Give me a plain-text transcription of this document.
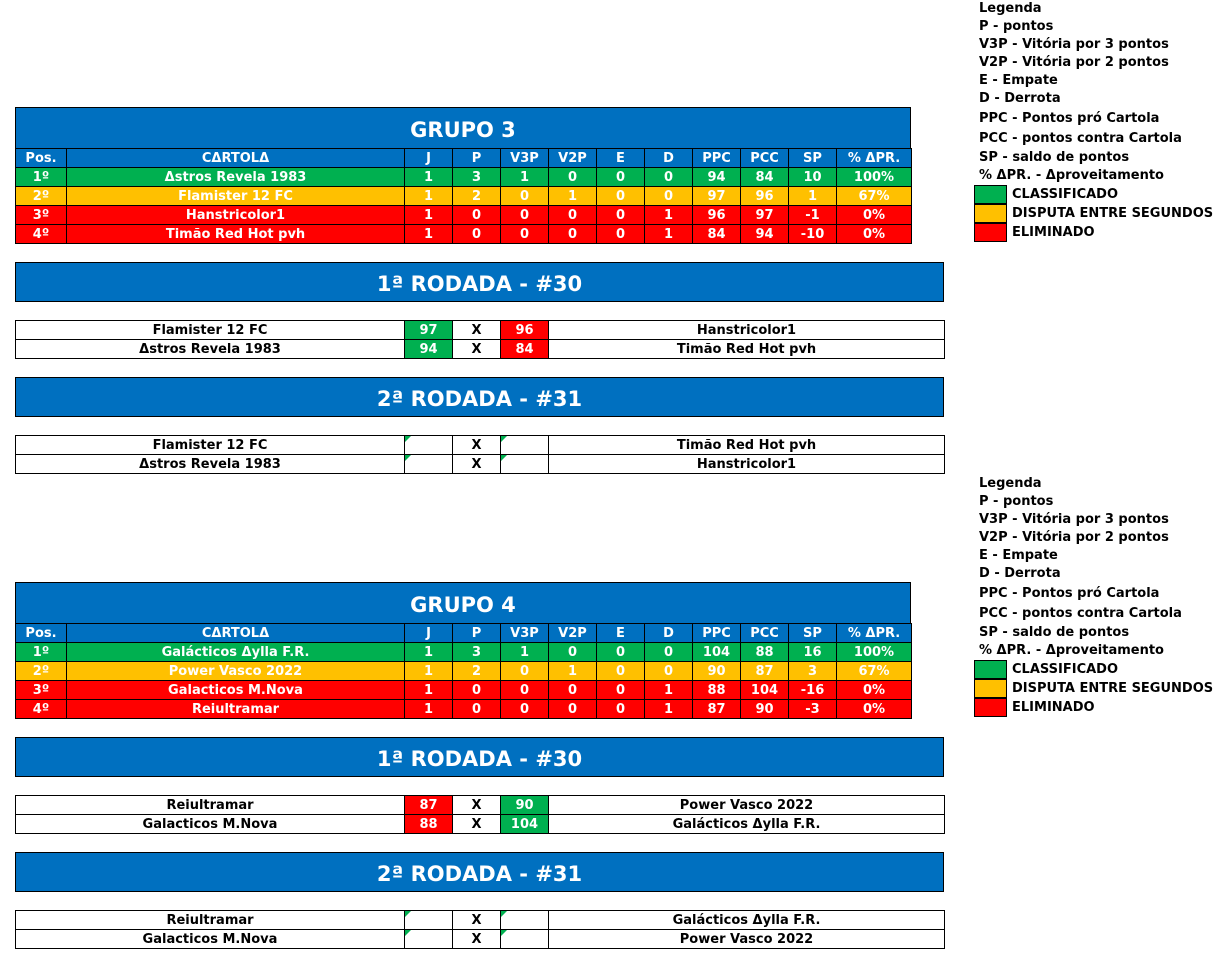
Legenda
P - pontos
V3P - Vitória por 3 pontos
V2P - Vitória por 2 pontos
E - Empate
D - Derrota
PPC - Pontos pró Cartola
PCC - pontos contra Cartola
SP - saldo de pontos
% ΔPR. - Δproveitamento
CLASSIFICADO
DISPUTA ENTRE SEGUNDOS
ELIMINADO
GRUPO 3
Pos.	CΔRTOLΔ	J	P	V3P	V2P	E	D	PPC	PCC	SP	% ΔPR.
1º	Δstros Revela 1983	1	3	1	0	0	0	94	84	10	100%
2º	Flamister 12 FC	1	2	0	1	0	0	97	96	1	67%
3º	Hanstricolor1	1	0	0	0	0	1	96	97	-1	0%
4º	Timão Red Hot pvh	1	0	0	0	0	1	84	94	-10	0%
1ª RODADA - #30
Flamister 12 FC	97	X	96	Hanstricolor1
Δstros Revela 1983	94	X	84	Timão Red Hot pvh
2ª RODADA - #31
Flamister 12 FC		X		Timão Red Hot pvh
Δstros Revela 1983		X		Hanstricolor1
Legenda
P - pontos
V3P - Vitória por 3 pontos
V2P - Vitória por 2 pontos
E - Empate
D - Derrota
PPC - Pontos pró Cartola
PCC - pontos contra Cartola
SP - saldo de pontos
% ΔPR. - Δproveitamento
CLASSIFICADO
DISPUTA ENTRE SEGUNDOS
ELIMINADO
GRUPO 4
Pos.	CΔRTOLΔ	J	P	V3P	V2P	E	D	PPC	PCC	SP	% ΔPR.
1º	Galácticos Δylla F.R.	1	3	1	0	0	0	104	88	16	100%
2º	Power Vasco 2022	1	2	0	1	0	0	90	87	3	67%
3º	Galacticos M.Nova	1	0	0	0	0	1	88	104	-16	0%
4º	Reiultramar	1	0	0	0	0	1	87	90	-3	0%
1ª RODADA - #30
Reiultramar	87	X	90	Power Vasco 2022
Galacticos M.Nova	88	X	104	Galácticos Δylla F.R.
2ª RODADA - #31
Reiultramar		X		Galácticos Δylla F.R.
Galacticos M.Nova		X		Power Vasco 2022
